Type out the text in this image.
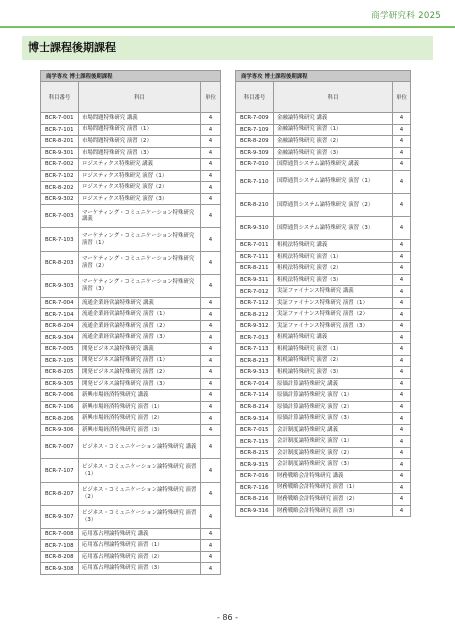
商学研究科 2025
博士課程後期課程
商学専攻 博士課程後期課程		
科目番号	科目	単位
BCR-7-001	市場問題特殊研究 講義	4
BCR-7-101	市場問題特殊研究 演習（1）	4
BCR-8-201	市場問題特殊研究 演習（2）	4
BCR-9-301	市場問題特殊研究 演習（3）	4
BCR-7-002	ロジスティクス特殊研究 講義	4
BCR-7-102	ロジスティクス特殊研究 演習（1）	4
BCR-8-202	ロジスティクス特殊研究 演習（2）	4
BCR-9-302	ロジスティクス特殊研究 演習（3）	4
BCR-7-003	マーケティング・コミュニケーション特殊研究 講義	4
BCR-7-103	マーケティング・コミュニケーション特殊研究 演習（1）	4
BCR-8-203	マーケティング・コミュニケーション特殊研究 演習（2）	4
BCR-9-303	マーケティング・コミュニケーション特殊研究 演習（3）	4
BCR-7-004	流通企業経営論特殊研究 講義	4
BCR-7-104	流通企業経営論特殊研究 演習（1）	4
BCR-8-204	流通企業経営論特殊研究 演習（2）	4
BCR-9-304	流通企業経営論特殊研究 演習（3）	4
BCR-7-005	開発ビジネス論特殊研究 講義	4
BCR-7-105	開発ビジネス論特殊研究 演習（1）	4
BCR-8-205	開発ビジネス論特殊研究 演習（2）	4
BCR-9-305	開発ビジネス論特殊研究 演習（3）	4
BCR-7-006	新興市場経済特殊研究 講義	4
BCR-7-106	新興市場経済特殊研究 演習（1）	4
BCR-8-206	新興市場経済特殊研究 演習（2）	4
BCR-9-306	新興市場経済特殊研究 演習（3）	4
BCR-7-007	ビジネス・コミュニケーション論特殊研究 講義	4
BCR-7-107	ビジネス・コミュニケーション論特殊研究 演習（1）	4
BCR-8-207	ビジネス・コミュニケーション論特殊研究 演習（2）	4
BCR-9-307	ビジネス・コミュニケーション論特殊研究 演習（3）	4
BCR-7-008	応用寡占理論特殊研究 講義	4
BCR-7-108	応用寡占理論特殊研究 演習（1）	4
BCR-8-208	応用寡占理論特殊研究 演習（2）	4
BCR-9-308	応用寡占理論特殊研究 演習（3）	4
商学専攻 博士課程後期課程		
科目番号	科目	単位
BCR-7-009	金融論特殊研究 講義	4
BCR-7-109	金融論特殊研究 演習（1）	4
BCR-8-209	金融論特殊研究 演習（2）	4
BCR-9-309	金融論特殊研究 演習（3）	4
BCR-7-010	国際通貨システム論特殊研究 講義	4
BCR-7-110	国際通貨システム論特殊研究 演習（1）	4
BCR-8-210	国際通貨システム論特殊研究 演習（2）	4
BCR-9-310	国際通貨システム論特殊研究 演習（3）	4
BCR-7-011	租税法特殊研究 講義	4
BCR-7-111	租税法特殊研究 演習（1）	4
BCR-8-211	租税法特殊研究 演習（2）	4
BCR-9-311	租税法特殊研究 演習（3）	4
BCR-7-012	実証ファイナンス特殊研究 講義	4
BCR-7-112	実証ファイナンス特殊研究 演習（1）	4
BCR-8-212	実証ファイナンス特殊研究 演習（2）	4
BCR-9-312	実証ファイナンス特殊研究 演習（3）	4
BCR-7-013	租税論特殊研究 講義	4
BCR-7-113	租税論特殊研究 演習（1）	4
BCR-8-213	租税論特殊研究 演習（2）	4
BCR-9-313	租税論特殊研究 演習（3）	4
BCR-7-014	原価計算論特殊研究 講義	4
BCR-7-114	原価計算論特殊研究 演習（1）	4
BCR-8-214	原価計算論特殊研究 演習（2）	4
BCR-9-314	原価計算論特殊研究 演習（3）	4
BCR-7-015	会計制度論特殊研究 講義	4
BCR-7-115	会計制度論特殊研究 演習（1）	4
BCR-8-215	会計制度論特殊研究 演習（2）	4
BCR-9-315	会計制度論特殊研究 演習（3）	4
BCR-7-016	財務戦略会計特殊研究 講義	4
BCR-7-116	財務戦略会計特殊研究 演習（1）	4
BCR-8-216	財務戦略会計特殊研究 演習（2）	4
BCR-9-316	財務戦略会計特殊研究 演習（3）	4
- 86 -
